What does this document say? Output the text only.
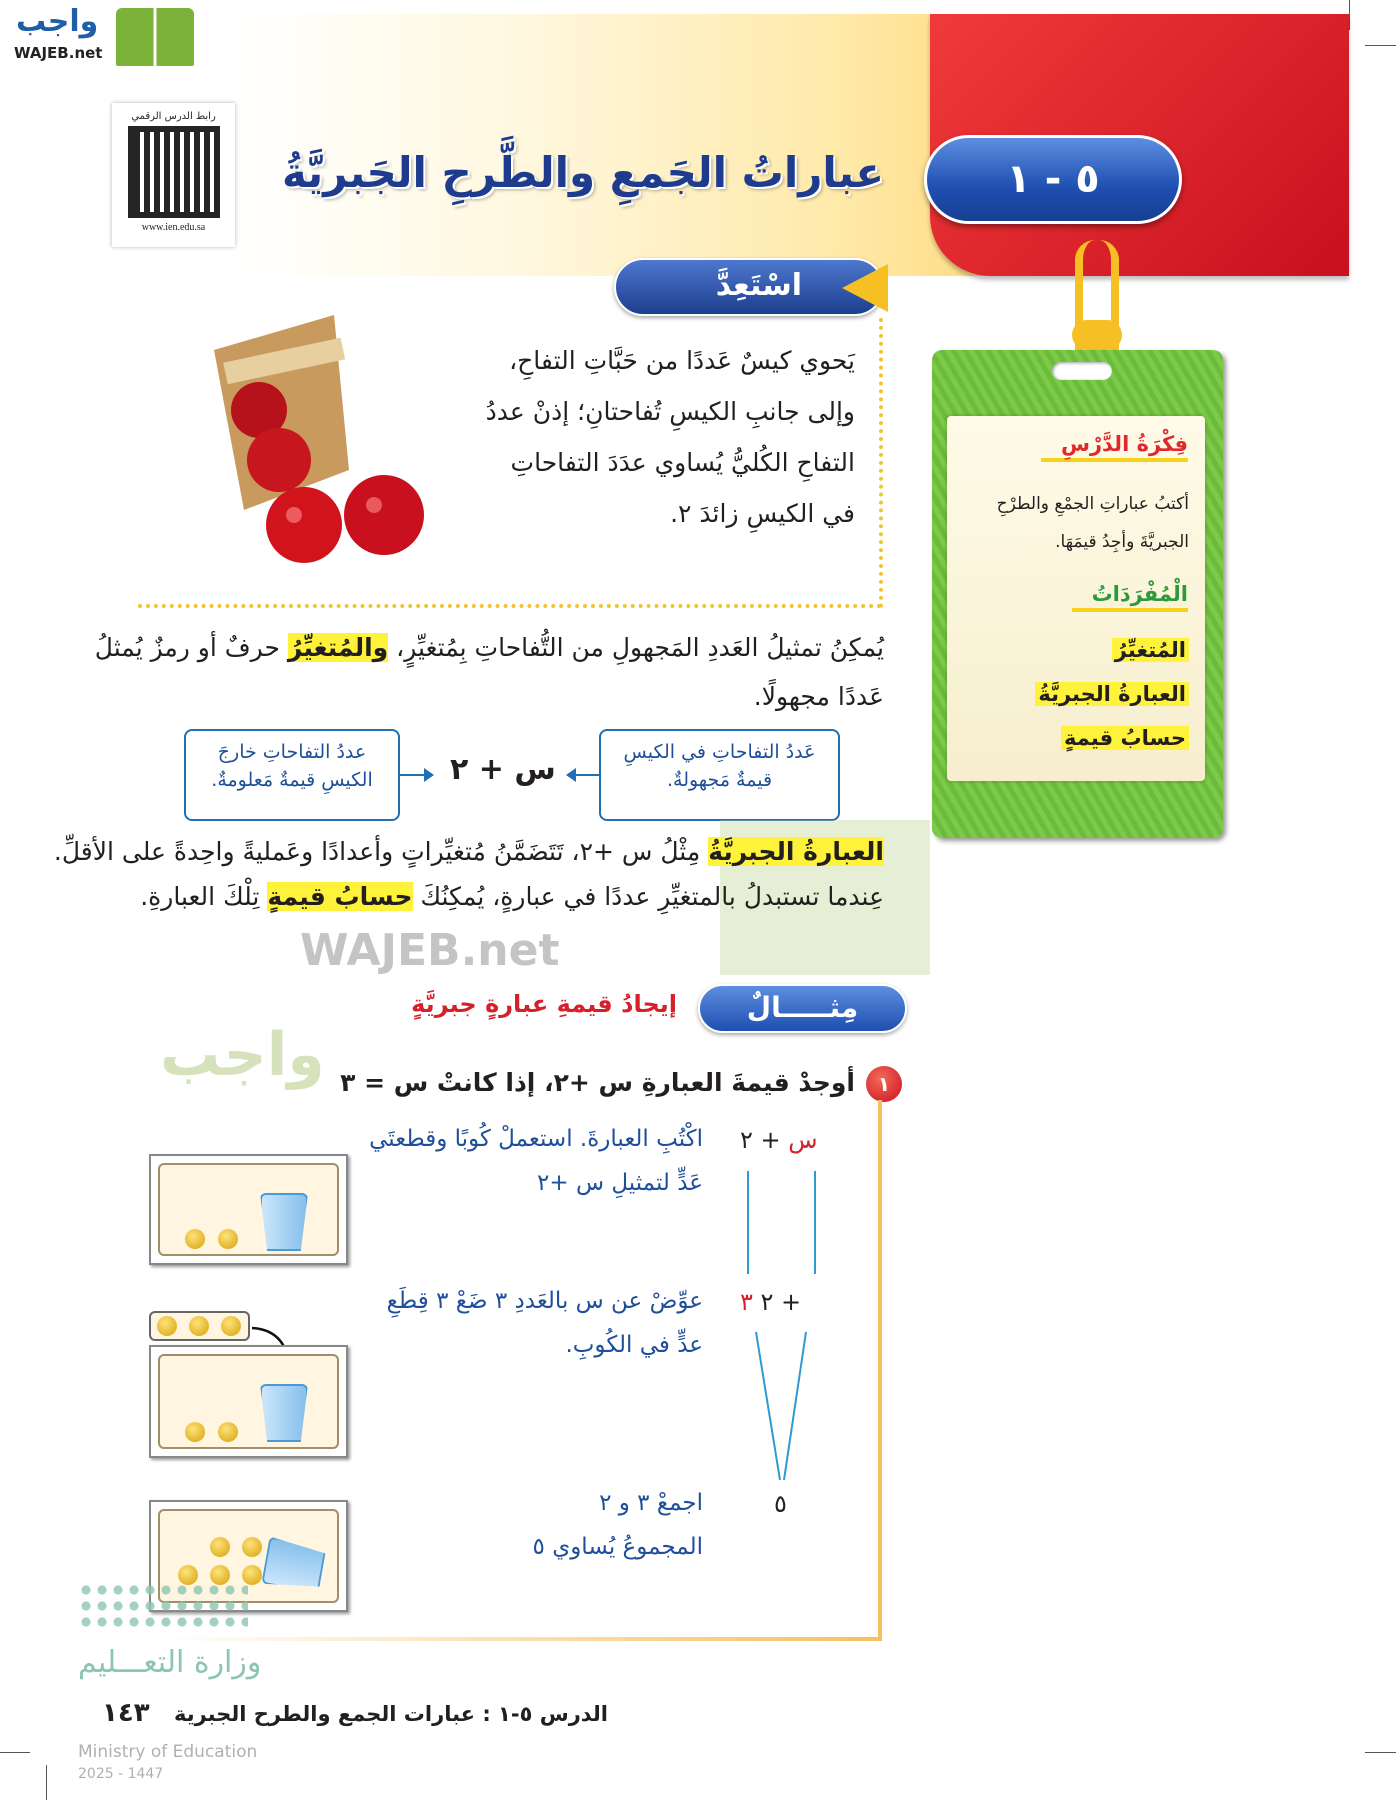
عباراتُ الجَمعِ والطَّرحِ الجَبريَّةُ	٥ - ١
واجب
WAJEB.net
رابط الدرس الرقمي
www.ien.edu.sa
اسْتَعِدَّ
يَحوي كيسٌ عَددًا من حَبَّاتِ التفاحِ،
وإلى جانبِ الكيسِ تُفاحتانِ؛ إذنْ عددُ
التفاحِ الكُليُّ يُساوي عدَدَ التفاحاتِ
في الكيسِ زائدَ ٢.
فِكْرَةُ الدَّرْسِ
أكتبُ عباراتِ الجمْعِ والطرْحِ
الجبريَّةَ وأجِدُ قيمَهَا.
الْمُفْرَدَاتُ
المُتغيِّرُ
العبارةُ الجبريَّةُ
حسابُ قيمةٍ
يُمكِنُ تمثيلُ العَددِ المَجهولِ من التُّفاحاتِ بِمُتغيِّرٍ، والمُتغيِّرُ حرفٌ أو رمزٌ يُمثلُ
عَددًا مجهولًا.
عَددُ التفاحاتِ في الكيسِ
قيمةٌ مَجهولةٌ.
س + ٢
عددُ التفاحاتِ خارجَ
الكيسِ قيمةٌ مَعلومةٌ.
WAJEB.net
واجب
العبارةُ الجبريَّةُ مِثْلُ س +٢، تَتَضَمَّنُ مُتغيِّراتٍ وأعدادًا وعَمليةً واحِدةً على الأقلِّ.
عِندما تستبدلُ بالمتغيِّرِ عددًا في عبارةٍ، يُمكِنُكَ حسابُ قيمةٍ تِلْكَ العبارةِ.
مِثـــــالٌ
إيجادُ قيمةِ عبارةٍ جبريَّةٍ
١
أوجدْ قيمةَ العبارةِ س +٢، إذا كانتْ س = ٣
س + ٢
اكْتُبِ العبارةَ. استعملْ كُوبًا وقطعتَي
عَدٍّ لتمثيلِ س +٢
+ ٢ ٣
عوِّضْ عن س بالعَددِ ٣ ضَعْ ٣ قِطَعِ
عدٍّ في الكُوبِ.
٥
اجمعْ ٣ و ٢
المجموعُ يُساوي ٥
وزارة التعـــليم
Ministry of Education
2025 - 1447
الدرس ٥-١ : عبارات الجمع والطرح الجبرية
١٤٣
